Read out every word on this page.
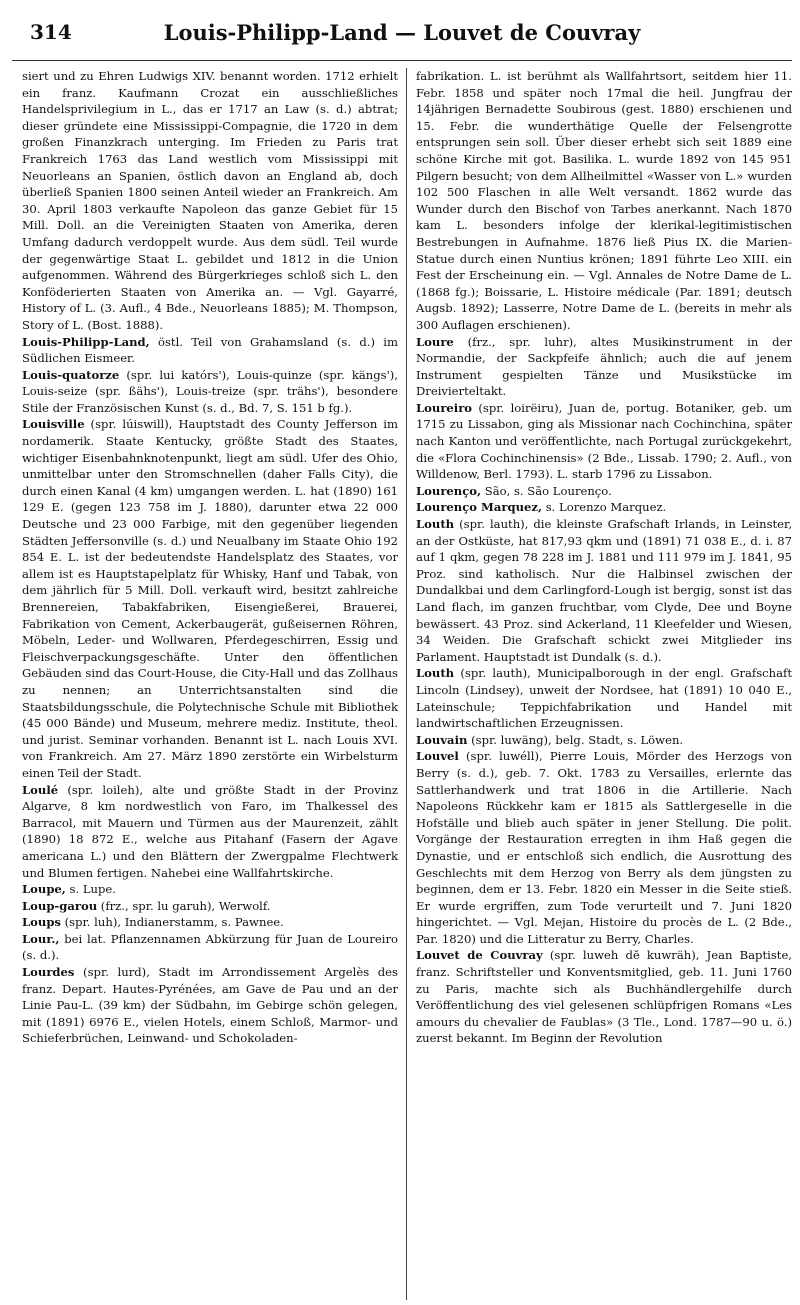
314	Louis-Philipp-Land — Louvet de Couvray

siert und zu Ehren Ludwigs XIV. benannt worden. 1712 erhielt ein franz. Kaufmann Crozat ein ausschließliches Handelsprivilegium in L., das er 1717 an Law (s. d.) abtrat; dieser gründete eine Mississippi-Compagnie, die 1720 in dem großen Finanzkrach unterging. Im Frieden zu Paris trat Frankreich 1763 das Land westlich vom Mississippi mit Neuorleans an Spanien, östlich davon an England ab, doch überließ Spanien 1800 seinen Anteil wieder an Frankreich. Am 30. April 1803 verkaufte Napoleon das ganze Gebiet für 15 Mill. Doll. an die Vereinigten Staaten von Amerika, deren Umfang dadurch verdoppelt wurde. Aus dem südl. Teil wurde der gegenwärtige Staat L. gebildet und 1812 in die Union aufgenommen. Während des Bürgerkrieges schloß sich L. den Konföderierten Staaten von Amerika an. — Vgl. Gayarré, History of L. (3. Aufl., 4 Bde., Neuorleans 1885); M. Thompson, Story of L. (Bost. 1888).

Louis-Philipp-Land, östl. Teil von Grahamsland (s. d.) im Südlichen Eismeer.

Louis-quatorze (spr. lui katórs'), Louis-quinze (spr. kängs'), Louis-seize (spr. ßähs'), Louis-treize (spr. trähs'), besondere Stile der Französischen Kunst (s. d., Bd. 7, S. 151 b fg.).

Louisville (spr. lúiswill), Hauptstadt des County Jefferson im nordamerik. Staate Kentucky, größte Stadt des Staates, wichtiger Eisenbahnknotenpunkt, liegt am südl. Ufer des Ohio, unmittelbar unter den Stromschnellen (daher Falls City), die durch einen Kanal (4 km) umgangen werden. L. hat (1890) 161 129 E. (gegen 123 758 im J. 1880), darunter etwa 22 000 Deutsche und 23 000 Farbige, mit den gegenüber liegenden Städten Jeffersonville (s. d.) und Neualbany im Staate Ohio 192 854 E. L. ist der bedeutendste Handelsplatz des Staates, vor allem ist es Hauptstapelplatz für Whisky, Hanf und Tabak, von dem jährlich für 5 Mill. Doll. verkauft wird, besitzt zahlreiche Brennereien, Tabakfabriken, Eisengießerei, Brauerei, Fabrikation von Cement, Ackerbaugerät, gußeisernen Röhren, Möbeln, Leder- und Wollwaren, Pferdegeschirren, Essig und Fleischverpackungsgeschäfte. Unter den öffentlichen Gebäuden sind das Court-House, die City-Hall und das Zollhaus zu nennen; an Unterrichtsanstalten sind die Staatsbildungsschule, die Polytechnische Schule mit Bibliothek (45 000 Bände) und Museum, mehrere mediz. Institute, theol. und jurist. Seminar vorhanden. Benannt ist L. nach Louis XVI. von Frankreich. Am 27. März 1890 zerstörte ein Wirbelsturm einen Teil der Stadt.

Loulé (spr. loileh), alte und größte Stadt in der Provinz Algarve, 8 km nordwestlich von Faro, im Thalkessel des Barracol, mit Mauern und Türmen aus der Maurenzeit, zählt (1890) 18 872 E., welche aus Pitahanf (Fasern der Agave americana L.) und den Blättern der Zwergpalme Flechtwerk und Blumen fertigen. Nahebei eine Wallfahrtskirche.

Loupe, s. Lupe.

Loup-garou (frz., spr. lu garuh), Werwolf.

Loups (spr. luh), Indianerstamm, s. Pawnee.

Lour., bei lat. Pflanzennamen Abkürzung für Juan de Loureiro (s. d.).

Lourdes (spr. lurd), Stadt im Arrondissement Argelès des franz. Depart. Hautes-Pyrénées, am Gave de Pau und an der Linie Pau-L. (39 km) der Südbahn, im Gebirge schön gelegen, mit (1891) 6976 E., vielen Hotels, einem Schloß, Marmor- und Schieferbrüchen, Leinwand- und Schokoladen-

fabrikation. L. ist berühmt als Wallfahrtsort, seitdem hier 11. Febr. 1858 und später noch 17mal die heil. Jungfrau der 14jährigen Bernadette Soubirous (gest. 1880) erschienen und 15. Febr. die wunderthätige Quelle der Felsengrotte entsprungen sein soll. Über dieser erhebt sich seit 1889 eine schöne Kirche mit got. Basilika. L. wurde 1892 von 145 951 Pilgern besucht; von dem Allheilmittel «Wasser von L.» wurden 102 500 Flaschen in alle Welt versandt. 1862 wurde das Wunder durch den Bischof von Tarbes anerkannt. Nach 1870 kam L. besonders infolge der klerikal-legitimistischen Bestrebungen in Aufnahme. 1876 ließ Pius IX. die Marien-Statue durch einen Nuntius krönen; 1891 führte Leo XIII. ein Fest der Erscheinung ein. — Vgl. Annales de Notre Dame de L. (1868 fg.); Boissarie, L. Histoire médicale (Par. 1891; deutsch Augsb. 1892); Lasserre, Notre Dame de L. (bereits in mehr als 300 Auflagen erschienen).

Loure (frz., spr. luhr), altes Musikinstrument in der Normandie, der Sackpfeife ähnlich; auch die auf jenem Instrument gespielten Tänze und Musikstücke im Dreivierteltakt.

Loureiro (spr. loirëiru), Juan de, portug. Botaniker, geb. um 1715 zu Lissabon, ging als Missionar nach Cochinchina, später nach Kanton und veröffentlichte, nach Portugal zurückgekehrt, die «Flora Cochinchinensis» (2 Bde., Lissab. 1790; 2. Aufl., von Willdenow, Berl. 1793). L. starb 1796 zu Lissabon.

Lourenço, São, s. São Lourenço.

Lourenço Marquez, s. Lorenzo Marquez.

Louth (spr. lauth), die kleinste Grafschaft Irlands, in Leinster, an der Ostküste, hat 817,93 qkm und (1891) 71 038 E., d. i. 87 auf 1 qkm, gegen 78 228 im J. 1881 und 111 979 im J. 1841, 95 Proz. sind katholisch. Nur die Halbinsel zwischen der Dundalkbai und dem Carlingford-Lough ist bergig, sonst ist das Land flach, im ganzen fruchtbar, vom Clyde, Dee und Boyne bewässert. 43 Proz. sind Ackerland, 11 Kleefelder und Wiesen, 34 Weiden. Die Grafschaft schickt zwei Mitglieder ins Parlament. Hauptstadt ist Dundalk (s. d.).

Louth (spr. lauth), Municipalborough in der engl. Grafschaft Lincoln (Lindsey), unweit der Nordsee, hat (1891) 10 040 E., Lateinschule; Teppichfabrikation und Handel mit landwirtschaftlichen Erzeugnissen.

Louvain (spr. luwäng), belg. Stadt, s. Löwen.

Louvel (spr. luwéll), Pierre Louis, Mörder des Herzogs von Berry (s. d.), geb. 7. Okt. 1783 zu Versailles, erlernte das Sattlerhandwerk und trat 1806 in die Artillerie. Nach Napoleons Rückkehr kam er 1815 als Sattlergeselle in die Hofställe und blieb auch später in jener Stellung. Die polit. Vorgänge der Restauration erregten in ihm Haß gegen die Dynastie, und er entschloß sich endlich, die Ausrottung des Geschlechts mit dem Herzog von Berry als dem jüngsten zu beginnen, dem er 13. Febr. 1820 ein Messer in die Seite stieß. Er wurde ergriffen, zum Tode verurteilt und 7. Juni 1820 hingerichtet. — Vgl. Mejan, Histoire du procès de L. (2 Bde., Par. 1820) und die Litteratur zu Berry, Charles.

Louvet de Couvray (spr. luweh dĕ kuwräh), Jean Baptiste, franz. Schriftsteller und Konventsmitglied, geb. 11. Juni 1760 zu Paris, machte sich als Buchhändlergehilfe durch Veröffentlichung des viel gelesenen schlüpfrigen Romans «Les amours du chevalier de Faublas» (3 Tle., Lond. 1787—90 u. ö.) zuerst bekannt. Im Beginn der Revolution
